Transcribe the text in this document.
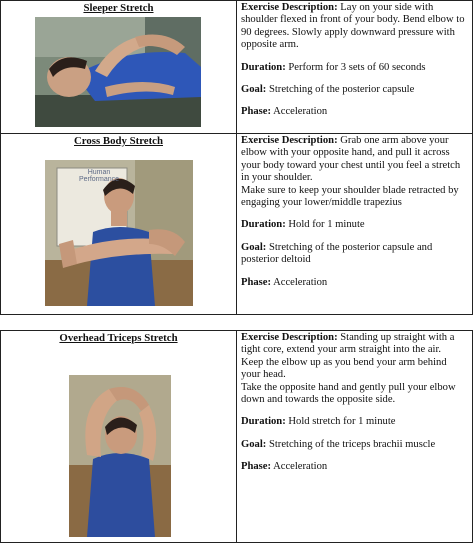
Sleeper Stretch	Exercise Description: Lay on your side with shoulder flexed in front of your body. Bend elbow to 90 degrees. Slowly apply downward pressure with opposite arm.

Duration: Perform for 3 sets of 60 seconds

Goal: Stretching of the posterior capsule

Phase: Acceleration

Cross Body Stretch
Human Performance

Exercise Description: Grab one arm above your elbow with your opposite hand, and pull it across your body toward your chest until you feel a stretch in your shoulder.

Make sure to keep your shoulder blade retracted by engaging your lower/middle trapezius

Duration: Hold for 1 minute

Goal: Stretching of the posterior capsule and posterior deltoid

Phase: Acceleration

Overhead Triceps Stretch	Exercise Description: Standing up straight with a tight core, extend your arm straight into the air.

Keep the elbow up as you bend your arm behind your head.

Take the opposite hand and gently pull your elbow down and towards the opposite side.

Duration: Hold stretch for 1 minute

Goal: Stretching of the triceps brachii muscle

Phase: Acceleration
